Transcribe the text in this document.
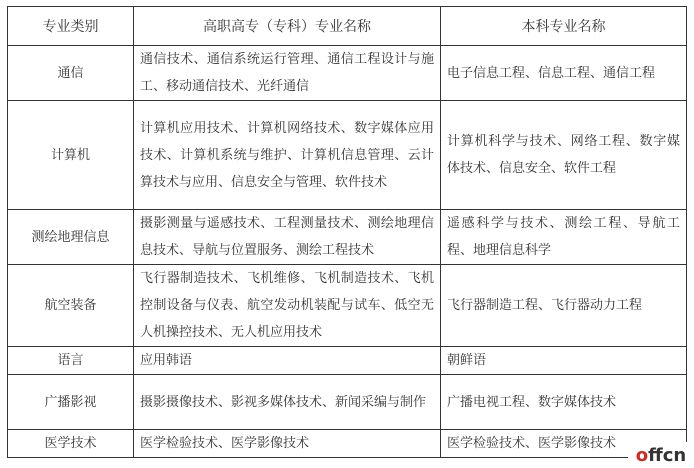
专业类别	高职高专（专科）专业名称	本科专业名称
通信	通信技术、通信系统运行管理、通信工程设计与施工、移动通信技术、光纤通信	电子信息工程、信息工程、通信工程
计算机	计算机应用技术、计算机网络技术、数字媒体应用技术、计算机系统与维护、计算机信息管理、云计算技术与应用、信息安全与管理、软件技术	计算机科学与技术、网络工程、数字媒体技术、信息安全、软件工程
测绘地理信息	摄影测量与遥感技术、工程测量技术、测绘地理信息技术、导航与位置服务、测绘工程技术	遥感科学与技术、测绘工程、导航工程、地理信息科学
航空装备	飞行器制造技术、飞机维修、飞机制造技术、飞机控制设备与仪表、航空发动机装配与试车、低空无人机操控技术、无人机应用技术	飞行器制造工程、飞行器动力工程
语言	应用韩语	朝鲜语
广播影视	摄影摄像技术、影视多媒体技术、新闻采编与制作	广播电视工程、数字媒体技术
医学技术	医学检验技术、医学影像技术	医学检验技术、医学影像技术
o ffcn
